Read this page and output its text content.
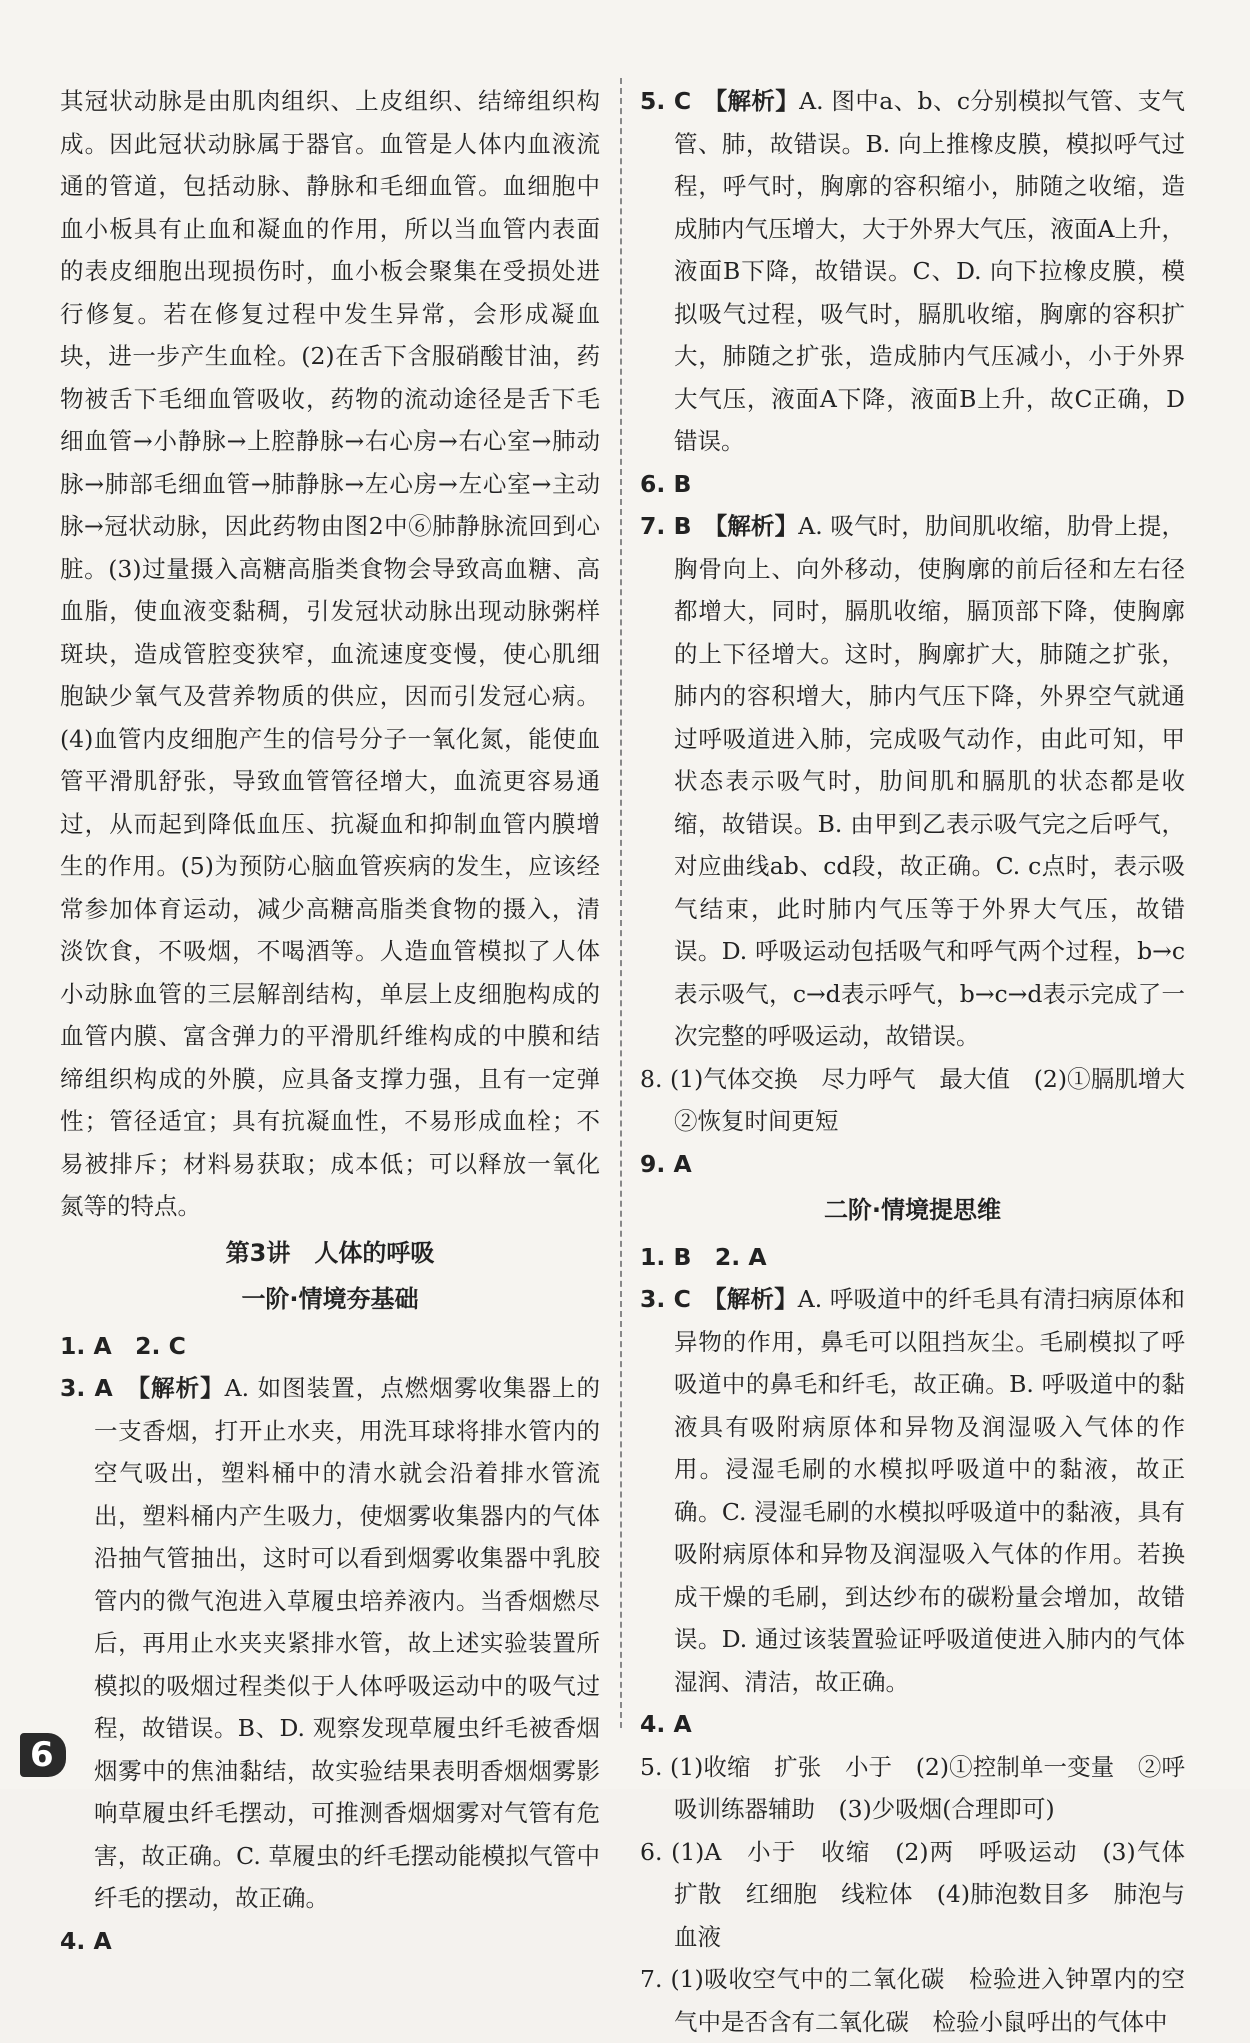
其冠状动脉是由肌肉组织、上皮组织、结缔组织构成。因此冠状动脉属于器官。血管是人体内血液流通的管道，包括动脉、静脉和毛细血管。血细胞中血小板具有止血和凝血的作用，所以当血管内表面的表皮细胞出现损伤时，血小板会聚集在受损处进行修复。若在修复过程中发生异常，会形成凝血块，进一步产生血栓。(2)在舌下含服硝酸甘油，药物被舌下毛细血管吸收，药物的流动途径是舌下毛细血管→小静脉→上腔静脉→右心房→右心室→肺动脉→肺部毛细血管→肺静脉→左心房→左心室→主动脉→冠状动脉，因此药物由图2中⑥肺静脉流回到心脏。(3)过量摄入高糖高脂类食物会导致高血糖、高血脂，使血液变黏稠，引发冠状动脉出现动脉粥样斑块，造成管腔变狭窄，血流速度变慢，使心肌细胞缺少氧气及营养物质的供应，因而引发冠心病。(4)血管内皮细胞产生的信号分子一氧化氮，能使血管平滑肌舒张，导致血管管径增大，血流更容易通过，从而起到降低血压、抗凝血和抑制血管内膜增生的作用。(5)为预防心脑血管疾病的发生，应该经常参加体育运动，减少高糖高脂类食物的摄入，清淡饮食，不吸烟，不喝酒等。人造血管模拟了人体小动脉血管的三层解剖结构，单层上皮细胞构成的血管内膜、富含弹力的平滑肌纤维构成的中膜和结缔组织构成的外膜，应具备支撑力强，且有一定弹性；管径适宜；具有抗凝血性，不易形成血栓；不易被排斥；材料易获取；成本低；可以释放一氧化氮等的特点。

第3讲　人体的呼吸

一阶·情境夯基础

1. A　2. C

3. A　 【解析】A. 如图装置，点燃烟雾收集器上的一支香烟，打开止水夹，用洗耳球将排水管内的空气吸出，塑料桶中的清水就会沿着排水管流出，塑料桶内产生吸力，使烟雾收集器内的气体沿抽气管抽出，这时可以看到烟雾收集器中乳胶管内的微气泡进入草履虫培养液内。当香烟燃尽后，再用止水夹夹紧排水管，故上述实验装置所模拟的吸烟过程类似于人体呼吸运动中的吸气过程，故错误。B、D. 观察发现草履虫纤毛被香烟烟雾中的焦油黏结，故实验结果表明香烟烟雾影响草履虫纤毛摆动，可推测香烟烟雾对气管有危害，故正确。C. 草履虫的纤毛摆动能模拟气管中纤毛的摆动，故正确。

4. A

5. C　 【解析】A. 图中a、b、c分别模拟气管、支气管、肺，故错误。B. 向上推橡皮膜，模拟呼气过程，呼气时，胸廓的容积缩小，肺随之收缩，造成肺内气压增大，大于外界大气压，液面A上升，液面B下降，故错误。C、D. 向下拉橡皮膜，模拟吸气过程，吸气时，膈肌收缩，胸廓的容积扩大，肺随之扩张，造成肺内气压减小，小于外界大气压，液面A下降，液面B上升，故C正确，D错误。

6. B

7. B　 【解析】A. 吸气时，肋间肌收缩，肋骨上提，胸骨向上、向外移动，使胸廓的前后径和左右径都增大，同时，膈肌收缩，膈顶部下降，使胸廓的上下径增大。这时，胸廓扩大，肺随之扩张，肺内的容积增大，肺内气压下降，外界空气就通过呼吸道进入肺，完成吸气动作，由此可知，甲状态表示吸气时，肋间肌和膈肌的状态都是收缩，故错误。B. 由甲到乙表示吸气完之后呼气，对应曲线ab、cd段，故正确。C. c点时，表示吸气结束，此时肺内气压等于外界大气压，故错误。D. 呼吸运动包括吸气和呼气两个过程，b→c表示吸气，c→d表示呼气，b→c→d表示完成了一次完整的呼吸运动，故错误。

8. (1)气体交换　尽力呼气　最大值　(2)①膈肌增大　②恢复时间更短

9. A

二阶·情境提思维

1. B　2. A

3. C　 【解析】A. 呼吸道中的纤毛具有清扫病原体和异物的作用，鼻毛可以阻挡灰尘。毛刷模拟了呼吸道中的鼻毛和纤毛，故正确。B. 呼吸道中的黏液具有吸附病原体和异物及润湿吸入气体的作用。浸湿毛刷的水模拟呼吸道中的黏液，故正确。C. 浸湿毛刷的水模拟呼吸道中的黏液，具有吸附病原体和异物及润湿吸入气体的作用。若换成干燥的毛刷，到达纱布的碳粉量会增加，故错误。D. 通过该装置验证呼吸道使进入肺内的气体湿润、清洁，故正确。

4. A

5. (1)收缩　扩张　小于　(2)①控制单一变量　②呼吸训练器辅助　(3)少吸烟(合理即可)

6. (1)A　小于　收缩　(2)两　呼吸运动　(3)气体扩散　红细胞　线粒体　(4)肺泡数目多　肺泡与血液

7. (1)吸收空气中的二氧化碳　检验进入钟罩内的空气中是否含有二氧化碳　检验小鼠呼出的气体中

6
